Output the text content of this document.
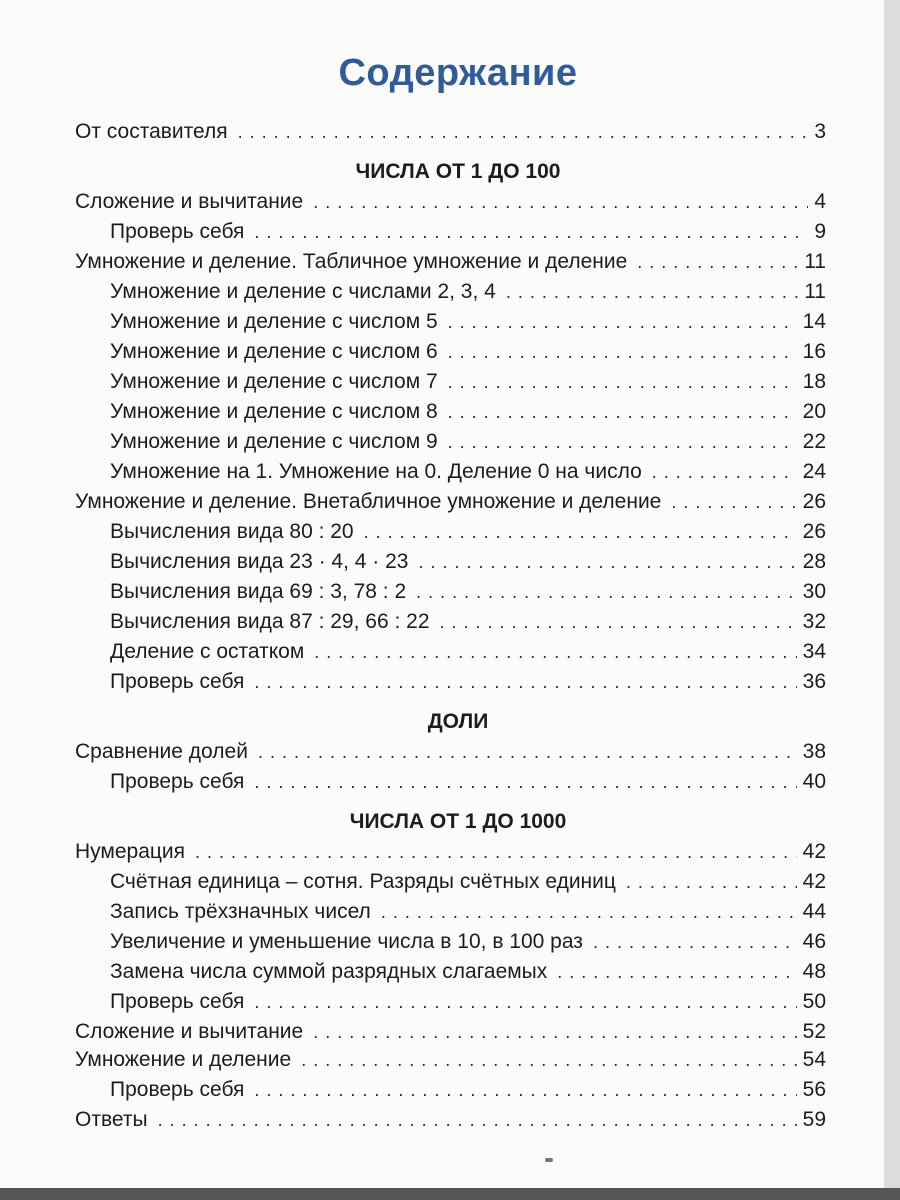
Содержание
От составителя . . .	3
ЧИСЛА ОТ 1 ДО 100
Сложение и вычитание . . .	4
Проверь себя . . .	9
Умножение и деление. Табличное умножение и деление . . .	11
Умножение и деление с числами 2, 3, 4 . . .	11
Умножение и деление с числом 5 . . .	14
Умножение и деление с числом 6 . . .	16
Умножение и деление с числом 7 . . .	18
Умножение и деление с числом 8 . . .	20
Умножение и деление с числом 9 . . .	22
Умножение на 1. Умножение на 0. Деление 0 на число . . .	24
Умножение и деление. Внетабличное умножение и деление . . .	26
Вычисления вида 80 : 20 . . .	26
Вычисления вида 23 · 4, 4 · 23 . . .	28
Вычисления вида 69 : 3, 78 : 2 . . .	30
Вычисления вида 87 : 29, 66 : 22 . . .	32
Деление с остатком . . .	34
Проверь себя . . .	36
ДОЛИ
Сравнение долей . . .	38
Проверь себя . . .	40
ЧИСЛА ОТ 1 ДО 1000
Нумерация . . .	42
Счётная единица – сотня. Разряды счётных единиц . . .	42
Запись трёхзначных чисел . . .	44
Увеличение и уменьшение числа в 10, в 100 раз . . .	46
Замена числа суммой разрядных слагаемых . . .	48
Проверь себя . . .	50
Сложение и вычитание . . .	52
Умножение и деление . . .	54
Проверь себя . . .	56
Ответы . . .	59
